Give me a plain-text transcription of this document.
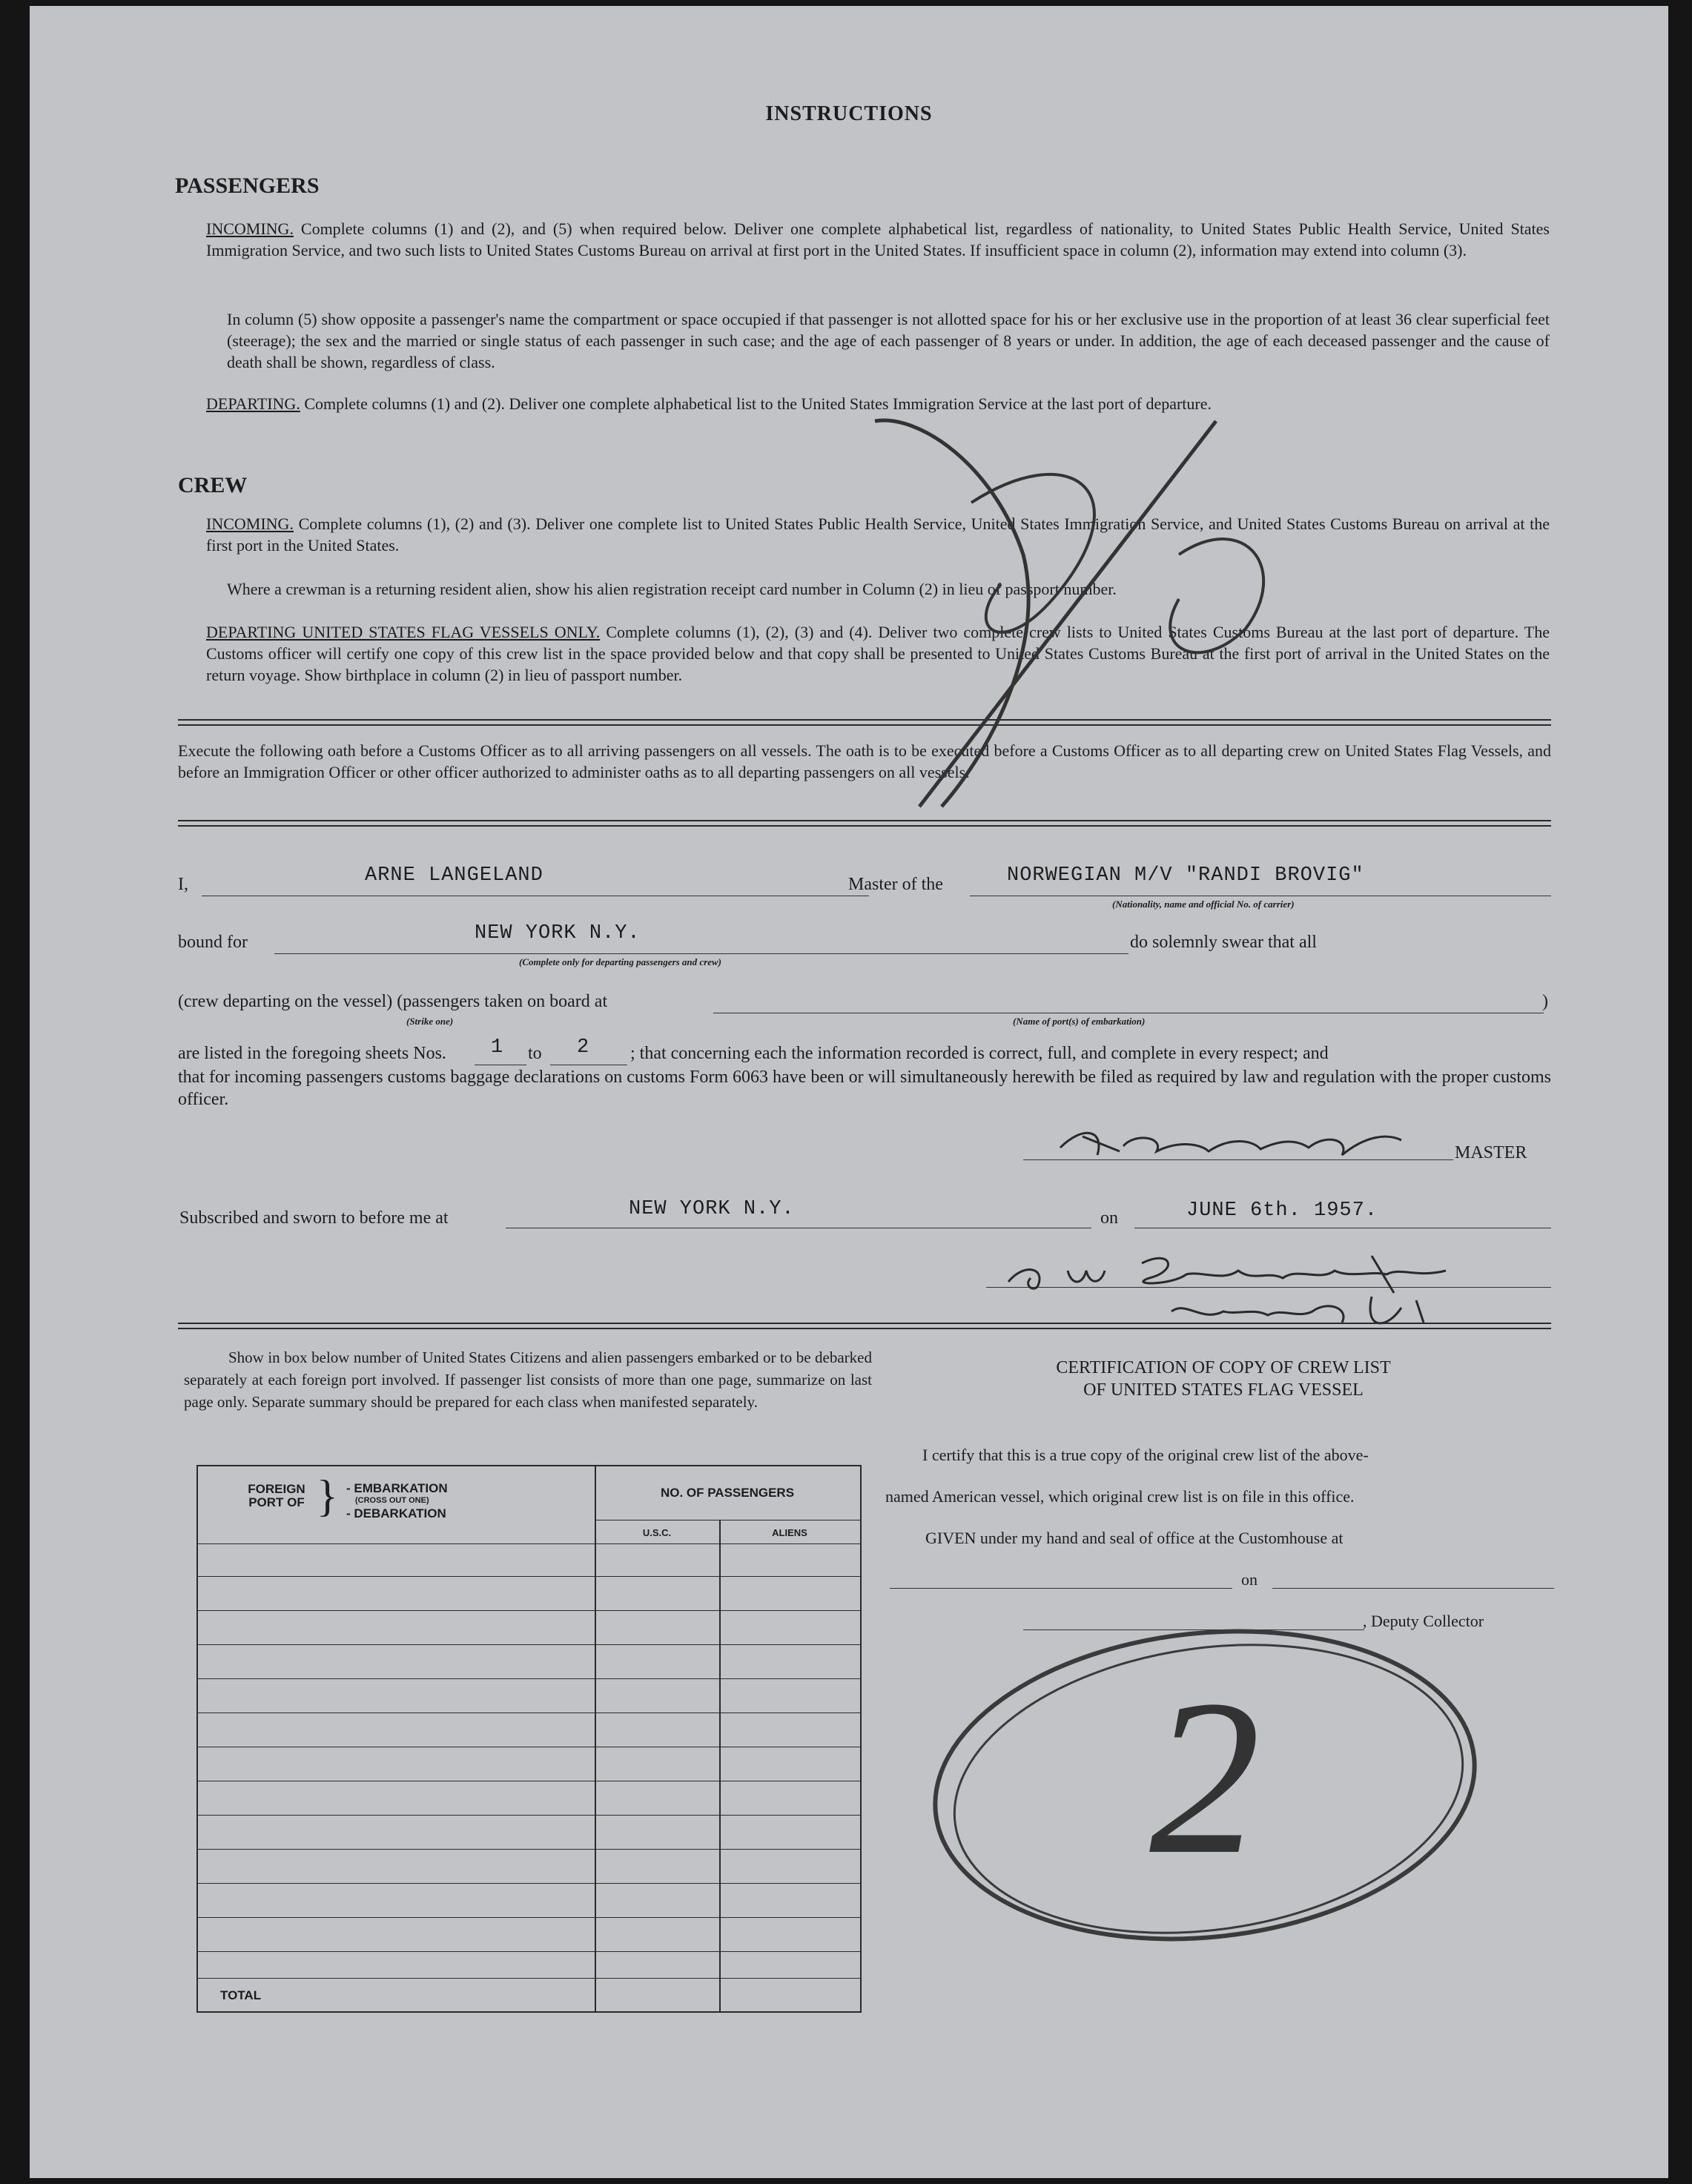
INSTRUCTIONS
PASSENGERS
INCOMING. Complete columns (1) and (2), and (5) when required below. Deliver one complete alphabetical list, regardless of nationality, to United States Public Health Service, United States Immigration Service, and two such lists to United States Customs Bureau on arrival at first port in the United States. If insufficient space in column (2), information may extend into column (3).
In column (5) show opposite a passenger's name the compartment or space occupied if that passenger is not allotted space for his or her exclusive use in the proportion of at least 36 clear superficial feet (steerage); the sex and the married or single status of each passenger in such case; and the age of each passenger of 8 years or under. In addition, the age of each deceased passenger and the cause of death shall be shown, regardless of class.
DEPARTING. Complete columns (1) and (2). Deliver one complete alphabetical list to the United States Immigration Service at the last port of departure.
CREW
INCOMING. Complete columns (1), (2) and (3). Deliver one complete list to United States Public Health Service, United States Immigration Service, and United States Customs Bureau on arrival at the first port in the United States.
Where a crewman is a returning resident alien, show his alien registration receipt card number in Column (2) in lieu of passport number.
DEPARTING UNITED STATES FLAG VESSELS ONLY. Complete columns (1), (2), (3) and (4). Deliver two complete crew lists to United States Customs Bureau at the last port of departure. The Customs officer will certify one copy of this crew list in the space provided below and that copy shall be presented to United States Customs Bureau at the first port of arrival in the United States on the return voyage. Show birthplace in column (2) in lieu of passport number.
Execute the following oath before a Customs Officer as to all arriving passengers on all vessels. The oath is to be executed before a Customs Officer as to all departing crew on United States Flag Vessels, and before an Immigration Officer or other officer authorized to administer oaths as to all departing passengers on all vessels.
I,	ARNE LANGELAND	Master of the	NORWEGIAN M/V "RANDI BROVIG"
(Nationality, name and official No. of carrier)
bound for	NEW YORK N.Y.
(Complete only for departing passengers and crew)
do solemnly swear that all
(crew departing on the vessel) (passengers taken on board at
(Strike one)	(Name of port(s) of embarkation)
)
are listed in the foregoing sheets Nos. 1 to 2 ; that concerning each the information recorded is correct, full, and complete in every respect; and
that for incoming passengers customs baggage declarations on customs Form 6063 have been or will simultaneously herewith be filed as required by law and regulation with the proper customs officer.
MASTER
Subscribed and sworn to before me at	NEW YORK N.Y.	on	JUNE 6th. 1957.
Show in box below number of United States Citizens and alien passengers embarked or to be debarked separately at each foreign port involved. If passenger list consists of more than one page, summarize on last page only. Separate summary should be prepared for each class when manifested separately.
FOREIGN PORT OF } - EMBARKATION
(CROSS OUT ONE)
- DEBARKATION
NO. OF PASSENGERS
U.S.C.	ALIENS
TOTAL
CERTIFICATION OF COPY OF CREW LIST
OF UNITED STATES FLAG VESSEL
I certify that this is a true copy of the original crew list of the above-
named American vessel, which original crew list is on file in this office.
GIVEN under my hand and seal of office at the Customhouse at
on
, Deputy Collector
2
